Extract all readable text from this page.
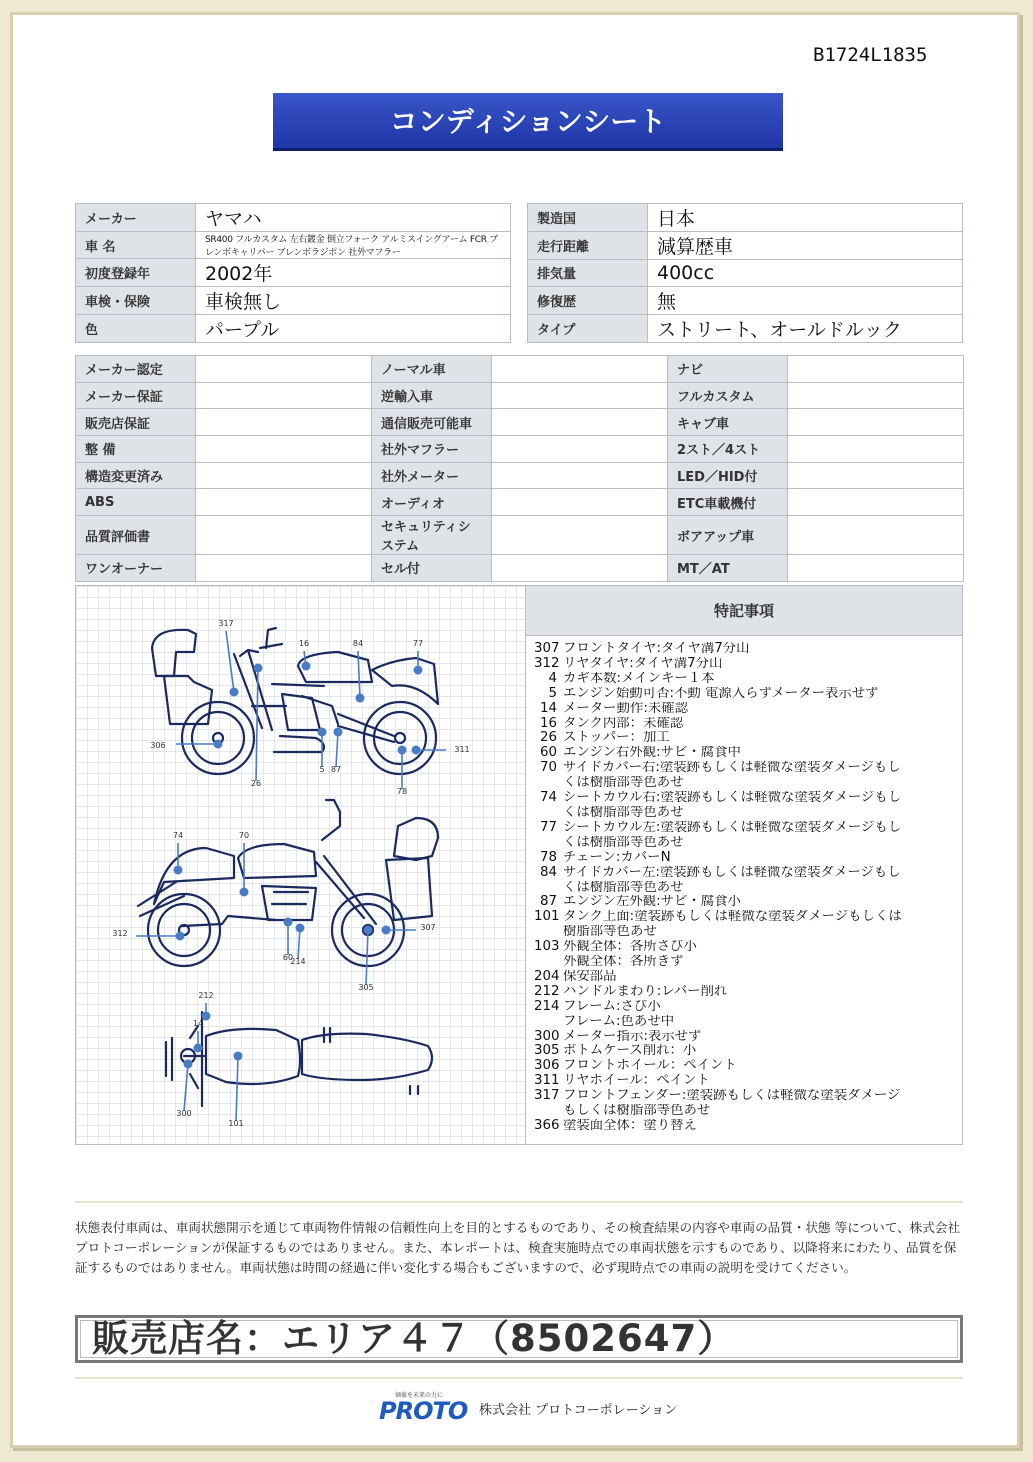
B1724L1835
コンディションシート
メーカー	ヤマハ
車 名	SR400 フルカスタム 左右鍍金 倒立フォーク アルミスイングアーム FCR ブレンボキャリパー ブレンボラジポン 社外マフラー
初度登録年	2002年
車検・保険	車検無し
色	パープル
製造国	日本
走行距離	減算歴車
排気量	400cc
修復歴	無
タイプ	ストリート、オールドルック
メーカー認定		ノーマル車		ナビ	
メーカー保証		逆輸入車		フルカスタム	
販売店保証		通信販売可能車		キャブ車	
整 備		社外マフラー		2スト／4スト	
構造変更済み		社外メーター		LED／HID付	
ABS		オーディオ		ETC車載機付	
品質評価書		セキュリティシステム		ボアアップ車	
ワンオーナー		セル付		MT／AT	
317
16	84	77
306
26
5 87
78
311
74	70
312
60
214
307
305
212
14
300
101
特記事項
307 フロントタイヤ:タイヤ溝7分山
312 リヤタイヤ:タイヤ溝7分山
4 カギ本数:メインキー１本
5 エンジン始動可否:不動 電源入らずメーター表示せず
14 メーター動作:未確認
16 タンク内部：未確認
26 ストッパー：加工
60 エンジン右外観:サビ・腐食中
70 サイドカバー右:塗装跡もしくは軽微な塗装ダメージもし
くは樹脂部等色あせ
74 シートカウル右:塗装跡もしくは軽微な塗装ダメージもし
くは樹脂部等色あせ
77 シートカウル左:塗装跡もしくは軽微な塗装ダメージもし
くは樹脂部等色あせ
78 チェーン:カバーN
84 サイドカバー左:塗装跡もしくは軽微な塗装ダメージもし
くは樹脂部等色あせ
87 エンジン左外観:サビ・腐食小
101 タンク上面:塗装跡もしくは軽微な塗装ダメージもしくは
樹脂部等色あせ
103 外観全体：各所さび小
外観全体：各所きず
204 保安部品
212 ハンドルまわり:レバー削れ
214 フレーム:さび小
フレーム:色あせ中
300 メーター指示:表示せず
305 ボトムケース削れ：小
306 フロントホイール：ペイント
311 リヤホイール：ペイント
317 フロントフェンダー:塗装跡もしくは軽微な塗装ダメージ
もしくは樹脂部等色あせ
366 塗装面全体：塗り替え
状態表付車両は、車両状態開示を通じて車両物件情報の信頼性向上を目的とするものであり、その検査結果の内容や車両の品質・状態 等について、株式会社プロトコーポレーションが保証するものではありません。また、本レポートは、検査実施時点での車両状態を示すものであり、以降将来にわたり、品質を保証するものではありません。車両状態は時間の経過に伴い変化する場合もございますので、必ず現時点での車両の説明を受けてください。
販売店名：エリア４７（8502647）
価値を未来の力に
PROTO 株式会社 プロトコーポレーション
